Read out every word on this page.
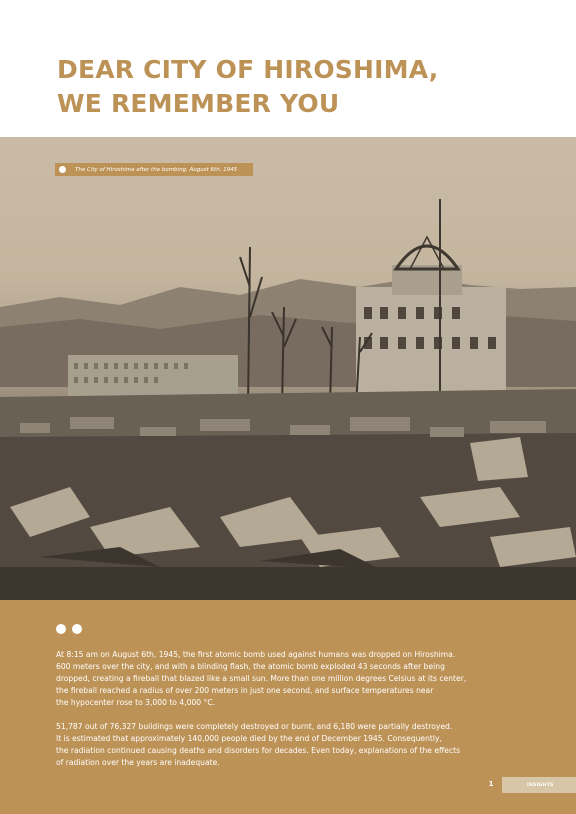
DEAR CITY OF HIROSHIMA,
WE REMEMBER YOU
The City of Hiroshima after the bombing, August 6th, 1945
At 8:15 am on August 6th, 1945, the first atomic bomb used against humans was dropped on Hiroshima.
600 meters over the city, and with a blinding flash, the atomic bomb exploded 43 seconds after being
dropped, creating a fireball that blazed like a small sun. More than one million degrees Celsius at its center,
the fireball reached a radius of over 200 meters in just one second, and surface temperatures near
the hypocenter rose to 3,000 to 4,000 °C.
51,787 out of 76,327 buildings were completely destroyed or burnt, and 6,180 were partially destroyed.
It is estimated that approximately 140,000 people died by the end of December 1945. Consequently,
the radiation continued causing deaths and disorders for decades. Even today, explanations of the effects
of radiation over the years are inadequate.
1	INSIGHTS
